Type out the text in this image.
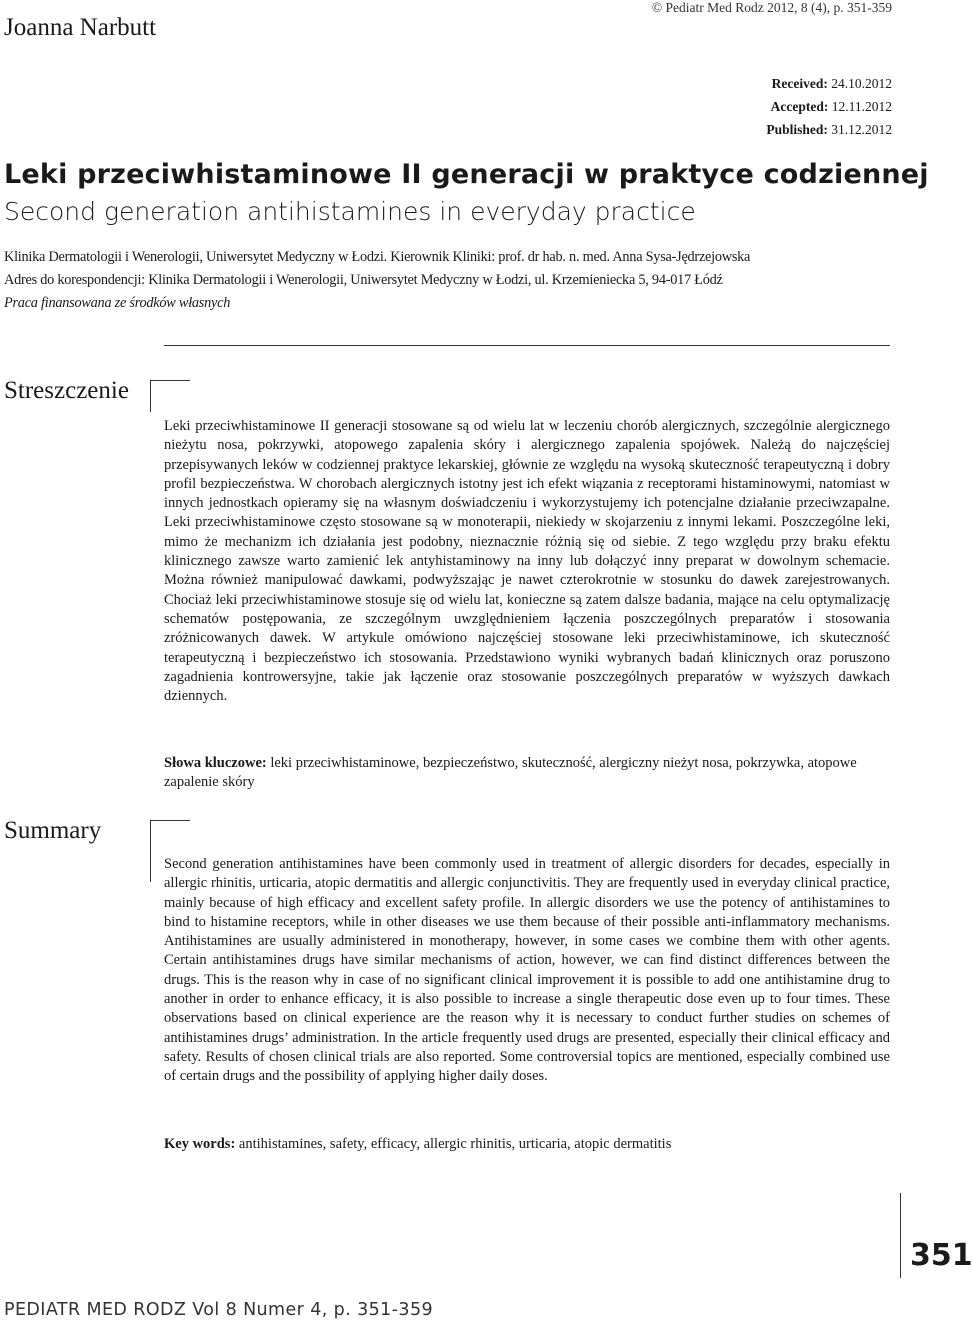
Joanna Narbutt
© Pediatr Med Rodz 2012, 8 (4), p. 351-359
Received: 24.10.2012
Accepted: 12.11.2012
Published: 31.12.2012
Leki przeciwhistaminowe II generacji w praktyce codziennej
Second generation antihistamines in everyday practice
Klinika Dermatologii i Wenerologii, Uniwersytet Medyczny w Łodzi. Kierownik Kliniki: prof. dr hab. n. med. Anna Sysa-Jędrzejowska
Adres do korespondencji: Klinika Dermatologii i Wenerologii, Uniwersytet Medyczny w Łodzi, ul. Krzemieniecka 5, 94-017 Łódź
Praca finansowana ze środków własnych
Streszczenie
Leki przeciwhistaminowe II generacji stosowane są od wielu lat w leczeniu chorób alergicznych, szczególnie alergicznego nieżytu nosa, pokrzywki, atopowego zapalenia skóry i alergicznego zapalenia spojówek. Należą do najczęściej przepisywanych leków w codziennej praktyce lekarskiej, głównie ze względu na wysoką skuteczność terapeutyczną i dobry profil bezpieczeństwa. W chorobach alergicznych istotny jest ich efekt wiązania z receptorami histaminowymi, natomiast w innych jednostkach opieramy się na własnym doświadczeniu i wykorzystujemy ich potencjalne działanie przeciwzapalne. Leki przeciwhistaminowe często stosowane są w monoterapii, niekiedy w skojarzeniu z innymi lekami. Poszczególne leki, mimo że mechanizm ich działania jest podobny, nieznacznie różnią się od siebie. Z tego względu przy braku efektu klinicznego zawsze warto zamienić lek antyhistaminowy na inny lub dołączyć inny preparat w dowolnym schemacie. Można również manipulować dawkami, podwyższając je nawet czterokrotnie w stosunku do dawek zarejestrowanych. Chociaż leki przeciwhistaminowe stosuje się od wielu lat, konieczne są zatem dalsze badania, mające na celu optymalizację schematów postępowania, ze szczególnym uwzględnieniem łączenia poszczególnych preparatów i stosowania zróżnicowanych dawek. W artykule omówiono najczęściej stosowane leki przeciwhistaminowe, ich skuteczność terapeutyczną i bezpieczeństwo ich stosowania. Przedstawiono wyniki wybranych badań klinicznych oraz poruszono zagadnienia kontrowersyjne, takie jak łączenie oraz stosowanie poszczególnych preparatów w wyższych dawkach dziennych.
Słowa kluczowe: leki przeciwhistaminowe, bezpieczeństwo, skuteczność, alergiczny nieżyt nosa, pokrzywka, atopowe zapalenie skóry
Summary
Second generation antihistamines have been commonly used in treatment of allergic disorders for decades, especially in allergic rhinitis, urticaria, atopic dermatitis and allergic conjunctivitis. They are frequently used in everyday clinical practice, mainly because of high efficacy and excellent safety profile. In allergic disorders we use the potency of antihistamines to bind to histamine receptors, while in other diseases we use them because of their possible anti-inflammatory mechanisms. Antihistamines are usually administered in monotherapy, however, in some cases we combine them with other agents. Certain antihistamines drugs have similar mechanisms of action, however, we can find distinct differences between the drugs. This is the reason why in case of no significant clinical improvement it is possible to add one antihistamine drug to another in order to enhance efficacy, it is also possible to increase a single therapeutic dose even up to four times. These observations based on clinical experience are the reason why it is necessary to conduct further studies on schemes of antihistamines drugs’ administration. In the article frequently used drugs are presented, especially their clinical efficacy and safety. Results of chosen clinical trials are also reported. Some controversial topics are mentioned, especially combined use of certain drugs and the possibility of applying higher daily doses.
Key words: antihistamines, safety, efficacy, allergic rhinitis, urticaria, atopic dermatitis
351
PEDIATR MED RODZ Vol 8 Numer 4, p. 351-359
